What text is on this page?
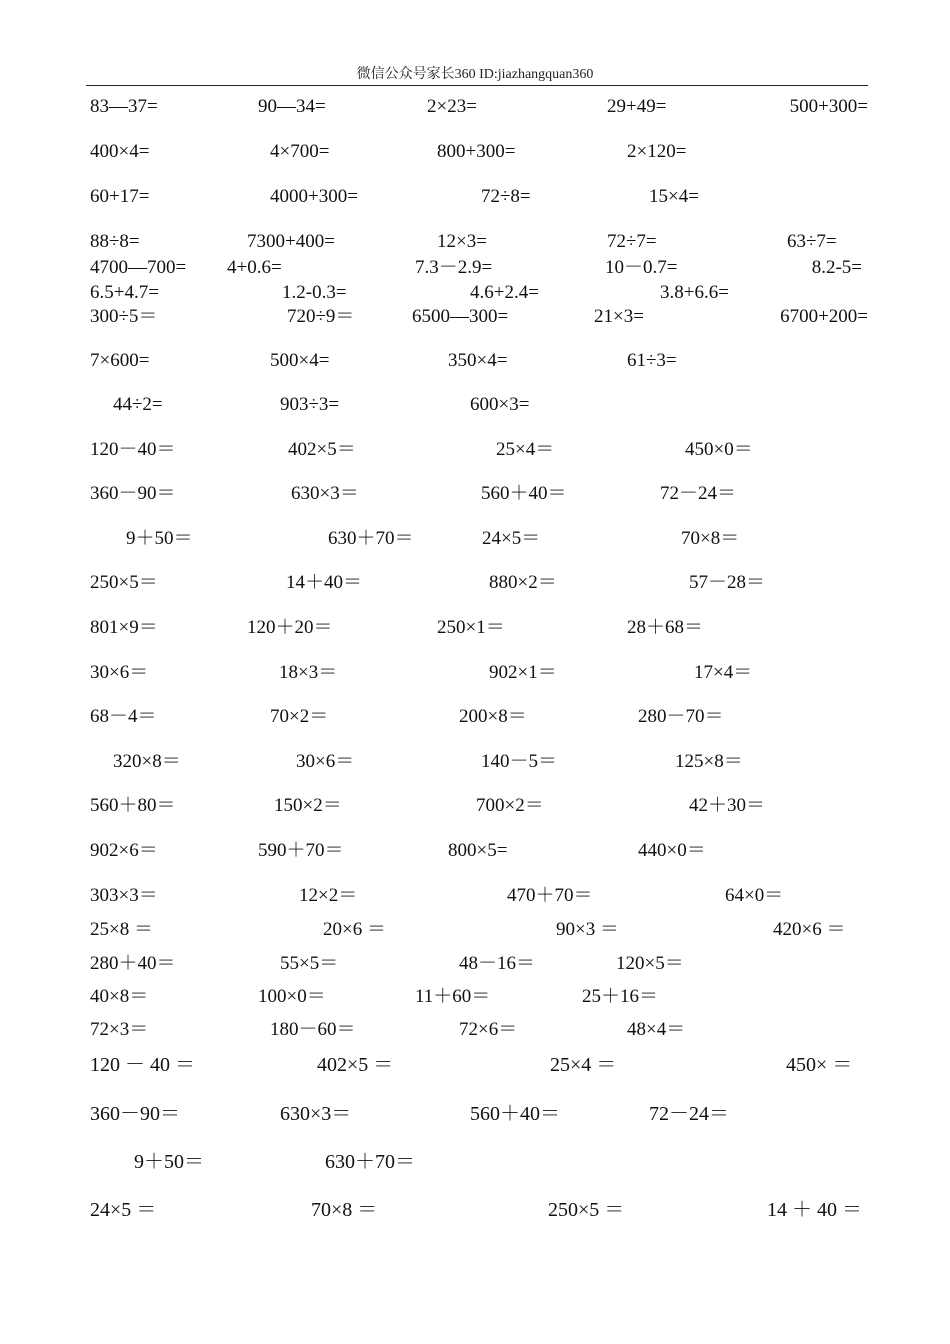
微信公众号家长360 ID:jiazhangquan360
83—37=	90—34=	2×23=	29+49=	500+300=
400×4=	4×700=	800+300=	2×120=
60+17=	4000+300=	72÷8=	15×4=
88÷8=	7300+400=	12×3=	72÷7=	63÷7=
4700—700= 4+0.6=	7.3－2.9=	10－0.7=	8.2-5=
6.5+4.7=	1.2-0.3=	4.6+2.4=	3.8+6.6=
300÷5＝	720÷9＝	6500—300=	21×3=	6700+200=
7×600=	500×4=	350×4=	61÷3=
44÷2=	903÷3=	600×3=
120－40＝	402×5＝	25×4＝	450×0＝
360－90＝	630×3＝	560＋40＝	72－24＝
9＋50＝	630＋70＝	24×5＝	70×8＝
250×5＝	14＋40＝	880×2＝	57－28＝
801×9＝	120＋20＝	250×1＝	28＋68＝
30×6＝	18×3＝	902×1＝	17×4＝
68－4＝	70×2＝	200×8＝	280－70＝
320×8＝	30×6＝	140－5＝	125×8＝
560＋80＝	150×2＝	700×2＝	42＋30＝
902×6＝	590＋70＝	800×5=	440×0＝
303×3＝	12×2＝	470＋70＝	64×0＝
25×8 ＝	20×6 ＝	90×3 ＝	420×6 ＝
280＋40＝	55×5＝	48－16＝	120×5＝
40×8＝	100×0＝	11＋60＝	25＋16＝
72×3＝	180－60＝	72×6＝	48×4＝
120 － 40 ＝	402×5 ＝	25×4 ＝	450× ＝
360－90＝	630×3＝	560＋40＝	72－24＝
9＋50＝	630＋70＝
24×5 ＝	70×8 ＝	250×5 ＝	14 ＋ 40 ＝
